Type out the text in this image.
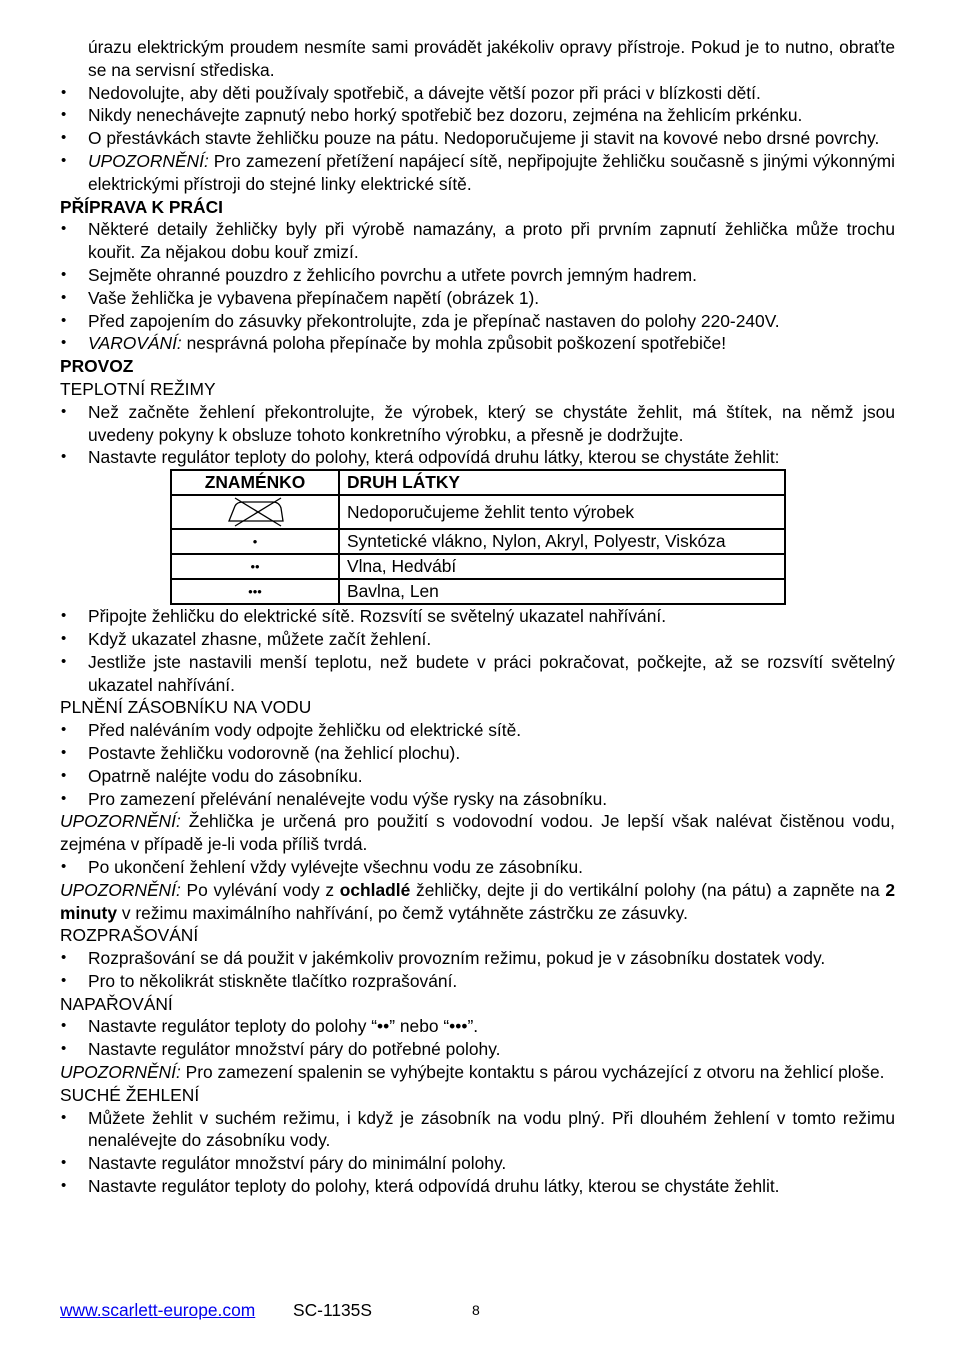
úrazu elektrickým proudem nesmíte sami provádět jakékoliv opravy přístroje. Pokud je to nutno, obraťte se na servisní střediska.

• Nedovolujte, aby děti používaly spotřebič, a dávejte větší pozor při práci v blízkosti dětí.
• Nikdy nenechávejte zapnutý nebo horký spotřebič bez dozoru, zejména na žehlicím prkénku.
• O přestávkách stavte žehličku pouze na pátu. Nedoporučujeme ji stavit na kovové nebo drsné povrchy.
• UPOZORNĚNÍ: Pro zamezení přetížení napájecí sítě, nepřipojujte žehličku současně s jinými výkonnými elektrickými přístroji do stejné linky elektrické sítě.

PŘÍPRAVA K PRÁCI

• Některé detaily žehličky byly při výrobě namazány, a proto při prvním zapnutí žehlička může trochu kouřit. Za nějakou dobu kouř zmizí.
• Sejměte ohranné pouzdro z žehlicího povrchu a utřete povrch jemným hadrem.
• Vaše žehlička je vybavena přepínačem napětí (obrázek 1).
• Před zapojením do zásuvky překontrolujte, zda je přepínač nastaven do polohy 220-240V.
• VAROVÁNÍ: nesprávná poloha přepínače by mohla způsobit poškození spotřebiče!

PROVOZ

TEPLOTNÍ REŽIMY

• Než začněte žehlení překontrolujte, že výrobek, který se chystáte žehlit, má štítek, na němž jsou uvedeny pokyny k obsluze tohoto konkretního výrobku, a přesně je dodržujte.
• Nastavte regulátor teploty do polohy, která odpovídá druhu látky, kterou se chystáte žehlit:
ZNAMÉNKO	DRUH LÁTKY

	Nedoporučujeme žehlit tento výrobek
•	Syntetické vlákno, Nylon, Akryl, Polyestr, Viskóza
••	Vlna, Hedvábí
•••	Bavlna, Len
• Připojte žehličku do elektrické sítě. Rozsvítí se světelný ukazatel nahřívání.
• Když ukazatel zhasne, můžete začít žehlení.
• Jestliže jste nastavili menší teplotu, než budete v práci pokračovat, počkejte, až se rozsvítí světelný ukazatel nahřívání.

PLNĚNÍ ZÁSOBNÍKU NA VODU

• Před naléváním vody odpojte žehličku od elektrické sítě.
• Postavte žehličku vodorovně (na žehlicí plochu).
• Opatrně naléjte vodu do zásobníku.
• Pro zamezení přelévání nenalévejte vodu výše rysky na zásobníku.

UPOZORNĚNÍ: Žehlička je určená pro použití s vodovodní vodou. Je lepší však nalévat čistěnou vodu, zejména v případě je-li voda příliš tvrdá.

• Po ukončení žehlení vždy vylévejte všechnu vodu ze zásobníku.

UPOZORNĚNÍ: Po vylévání vody z ochladlé žehličky, dejte ji do vertikální polohy (na pátu) a zapněte na 2 minuty v režimu maximálního nahřívání, po čemž vytáhněte zástrčku ze zásuvky.

ROZPRAŠOVÁNÍ

• Rozprašování se dá použit v jakémkoliv provozním režimu, pokud je v zásobníku dostatek vody.
• Pro to několikrát stiskněte tlačítko rozprašování.

NAPAŘOVÁNÍ

• Nastavte regulátor teploty do polohy “••” nebo “•••”.
• Nastavte regulátor množství páry do potřebné polohy.

UPOZORNĚNÍ: Pro zamezení spalenin se vyhýbejte kontaktu s párou vycházející z otvoru na žehlicí ploše.

SUCHÉ ŽEHLENÍ

• Můžete žehlit v suchém režimu, i když je zásobník na vodu plný. Při dlouhém žehlení v tomto režimu nenalévejte do zásobníku vody.
• Nastavte regulátor množství páry do minimální polohy.
• Nastavte regulátor teploty do polohy, která odpovídá druhu látky, kterou se chystáte žehlit.
www.scarlett-europe.com SC-1135S	8
